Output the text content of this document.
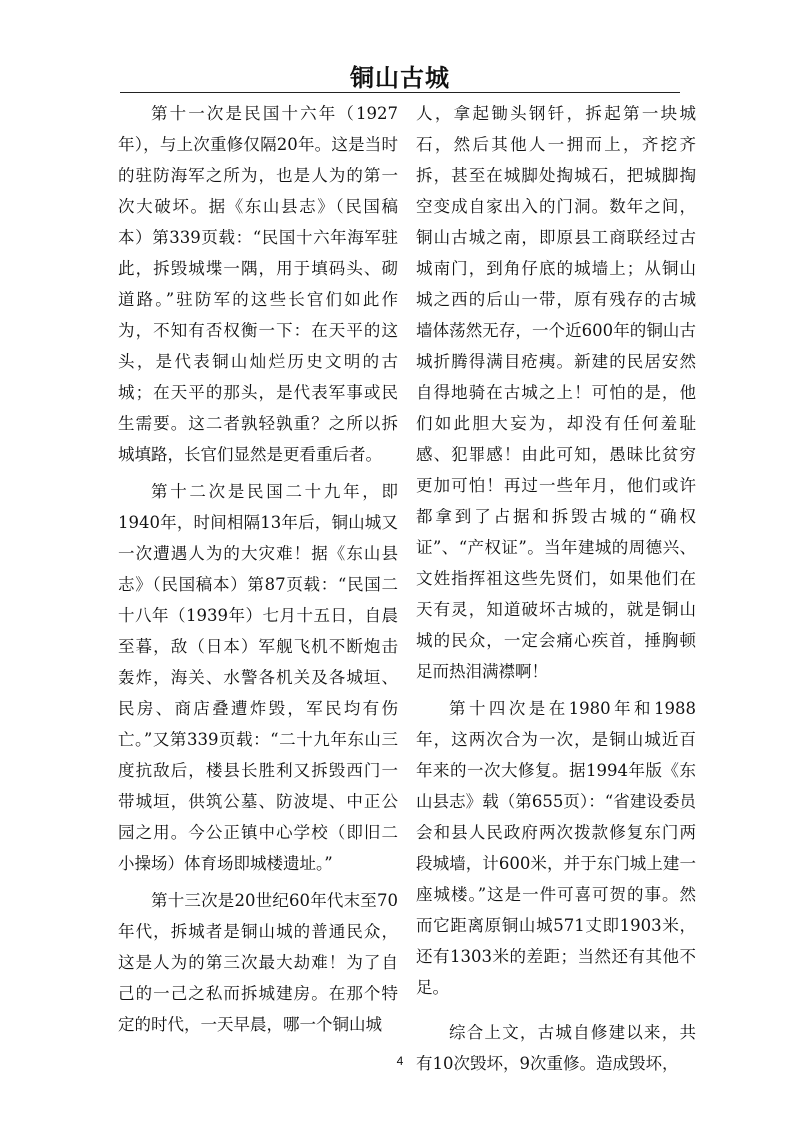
铜山古城

第十一次是民国十六年（1927年），与上次重修仅隔20年。这是当时的驻防海军之所为，也是人为的第一次大破坏。据《东山县志》（民国稿本）第339页载：“民国十六年海军驻此，拆毁城堞一隅，用于填码头、砌道路。”驻防军的这些长官们如此作为，不知有否权衡一下：在天平的这头，是代表铜山灿烂历史文明的古城；在天平的那头，是代表军事或民生需要。这二者孰轻孰重？之所以拆城填路，长官们显然是更看重后者。

第十二次是民国二十九年，即1940年，时间相隔13年后，铜山城又一次遭遇人为的大灾难！据《东山县志》（民国稿本）第87页载：“民国二十八年（1939年）七月十五日，自晨至暮，敌（日本）军舰飞机不断炮击轰炸，海关、水警各机关及各城垣、民房、商店叠遭炸毁，军民均有伤亡。”又第339页载：“二十九年东山三度抗敌后，楼县长胜利又拆毁西门一带城垣，供筑公墓、防波堤、中正公园之用。今公正镇中心学校（即旧二小操场）体育场即城楼遗址。”

第十三次是20世纪60年代末至70年代，拆城者是铜山城的普通民众，这是人为的第三次最大劫难！为了自己的一己之私而拆城建房。在那个特定的时代，一天早晨，哪一个铜山城

人，拿起锄头钢钎，拆起第一块城石，然后其他人一拥而上，齐挖齐拆，甚至在城脚处掏城石，把城脚掏空变成自家出入的门洞。数年之间，铜山古城之南，即原县工商联经过古城南门，到角仔底的城墙上；从铜山城之西的后山一带，原有残存的古城墙体荡然无存，一个近600年的铜山古城折腾得满目疮痍。新建的民居安然自得地骑在古城之上！可怕的是，他们如此胆大妄为，却没有任何羞耻感、犯罪感！由此可知，愚昧比贫穷更加可怕！再过一些年月，他们或许都拿到了占据和拆毁古城的“确权证”、“产权证”。当年建城的周德兴、文姓指挥祖这些先贤们，如果他们在天有灵，知道破坏古城的，就是铜山城的民众，一定会痛心疾首，捶胸顿足而热泪满襟啊！

第十四次是在1980年和1988年，这两次合为一次，是铜山城近百年来的一次大修复。据1994年版《东山县志》载（第655页）：“省建设委员会和县人民政府两次拨款修复东门两段城墙，计600米，并于东门城上建一座城楼。”这是一件可喜可贺的事。然而它距离原铜山城571丈即1903米，还有1303米的差距；当然还有其他不足。

综合上文，古城自修建以来，共有10次毁坏，9次重修。造成毁坏，

4
